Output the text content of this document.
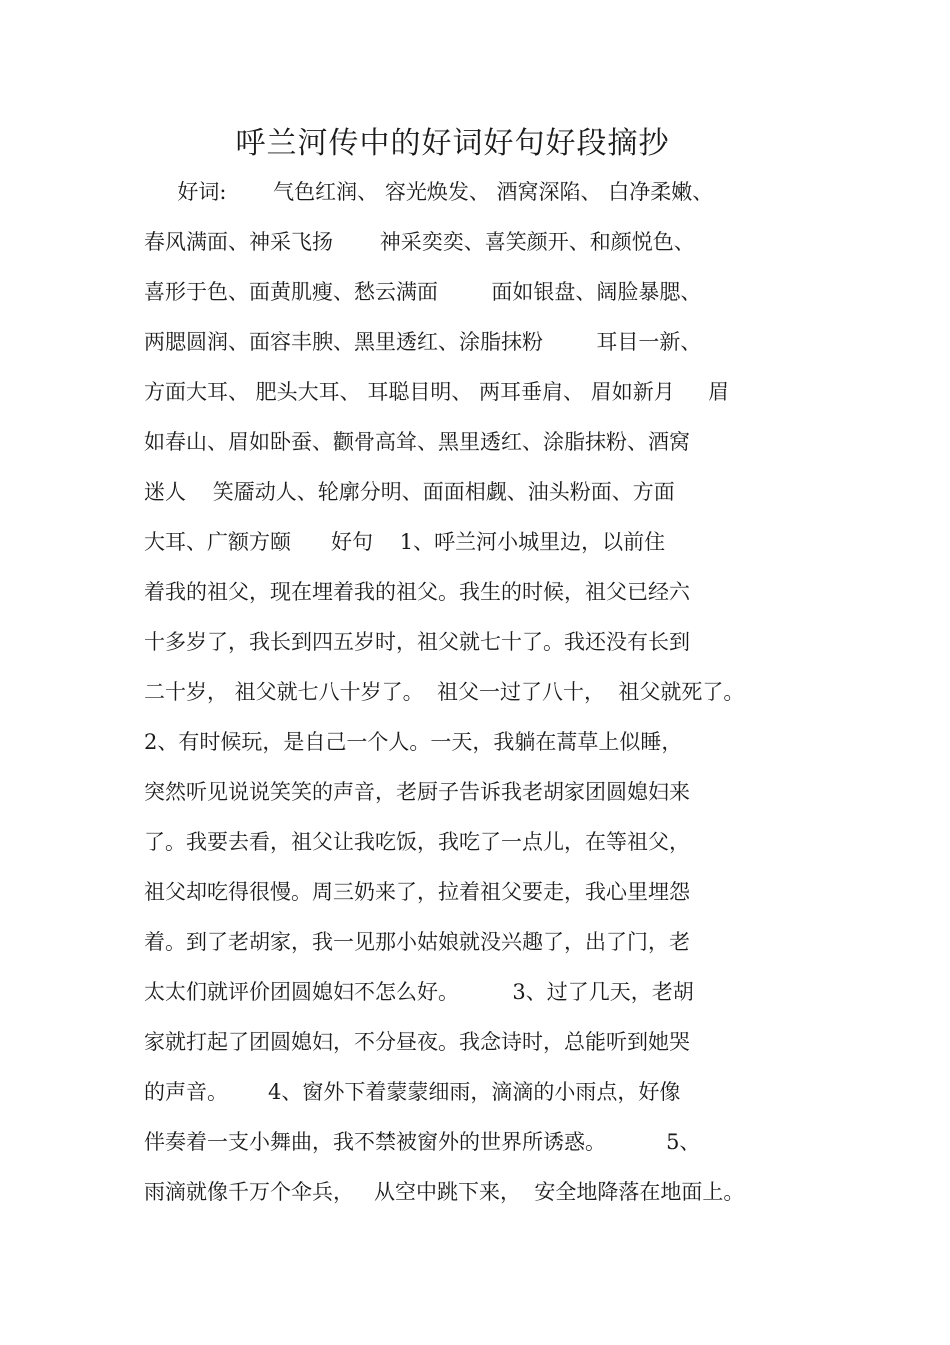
呼兰河传中的好词好句好段摘抄
好词:       气色红润、 容光焕发、 酒窝深陷、 白净柔嫩、
春风满面、神采飞扬       神采奕奕、喜笑颜开、和颜悦色、
喜形于色、面黄肌瘦、愁云满面        面如银盘、阔脸暴腮、
两腮圆润、面容丰腴、黑里透红、涂脂抹粉        耳目一新、
方面大耳、 肥头大耳、 耳聪目明、 两耳垂肩、 眉如新月     眉
如春山、眉如卧蚕、颧骨高耸、黑里透红、涂脂抹粉、酒窝
迷人    笑靥动人、轮廓分明、面面相觑、油头粉面、方面
大耳、广额方颐      好句    1、呼兰河小城里边，以前住
着我的祖父，现在埋着我的祖父。我生的时候，祖父已经六
十多岁了，我长到四五岁时，祖父就七十了。我还没有长到
二十岁， 祖父就七八十岁了。  祖父一过了八十，  祖父就死了。
2、有时候玩，是自己一个人。一天，我躺在蒿草上似睡，
突然听见说说笑笑的声音，老厨子告诉我老胡家团圆媳妇来
了。我要去看，祖父让我吃饭，我吃了一点儿，在等祖父，
祖父却吃得很慢。周三奶来了，拉着祖父要走，我心里埋怨
着。到了老胡家，我一见那小姑娘就没兴趣了，出了门，老
太太们就评价团圆媳妇不怎么好。        3、过了几天，老胡
家就打起了团圆媳妇，不分昼夜。我念诗时，总能听到她哭
的声音。      4、窗外下着蒙蒙细雨，滴滴的小雨点，好像
伴奏着一支小舞曲，我不禁被窗外的世界所诱惑。         5、
雨滴就像千万个伞兵，   从空中跳下来，  安全地降落在地面上。
